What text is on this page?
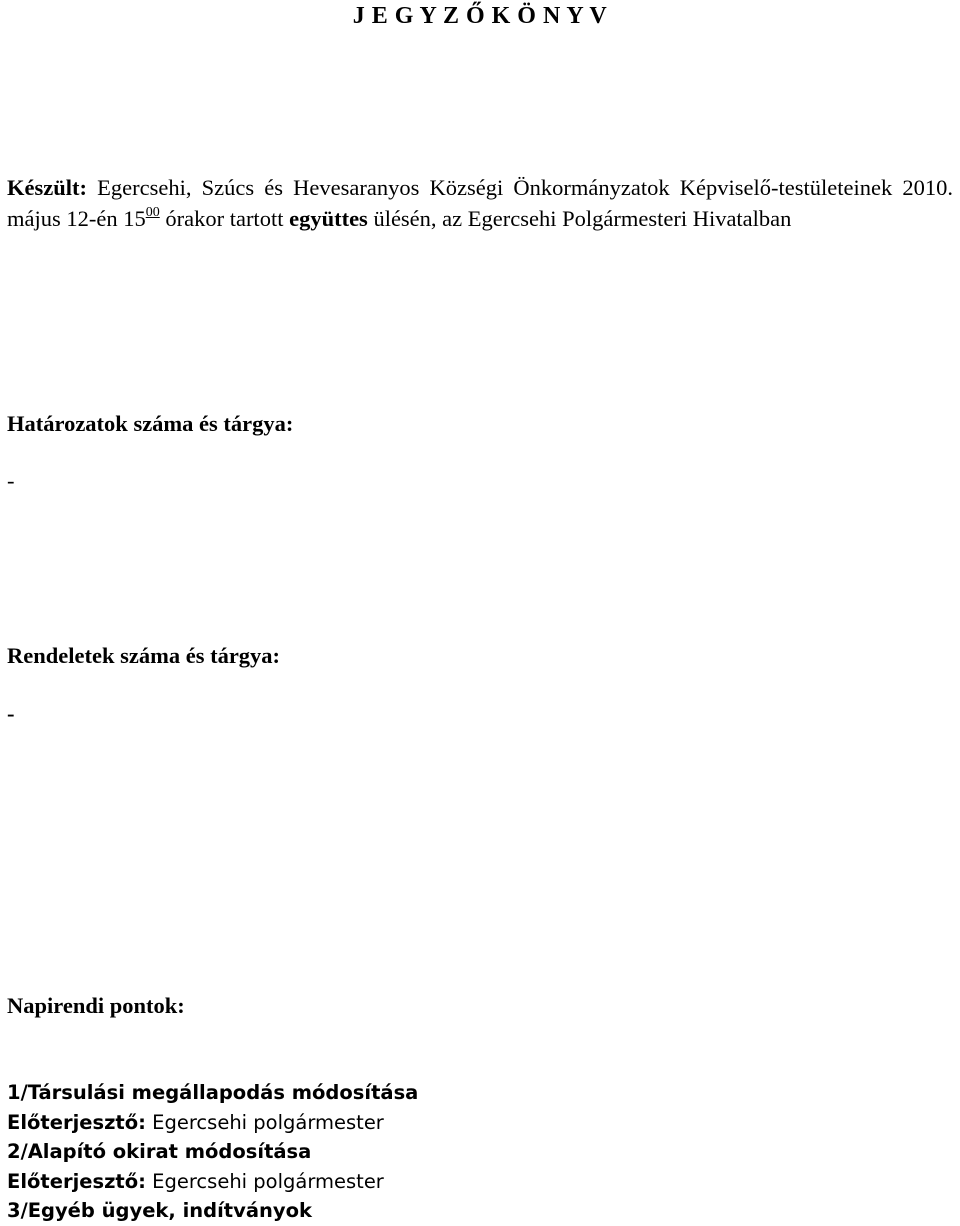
J E G Y Z Ő K Ö N Y V
Készült: Egercsehi, Szúcs és Hevesaranyos Községi Önkormányzatok Képviselő-testületeinek 2010. május 12-én $15^{00}$ órakor tartott együttes ülésén, az Egercsehi Polgármesteri Hivatalban
Határozatok száma és tárgya:
-
Rendeletek száma és tárgya:
-
Napirendi pontok:
1/Társulási megállapodás módosítása
Előterjesztő: Egercsehi polgármester
2/Alapító okirat módosítása
Előterjesztő: Egercsehi polgármester
3/Egyéb ügyek, indítványok
